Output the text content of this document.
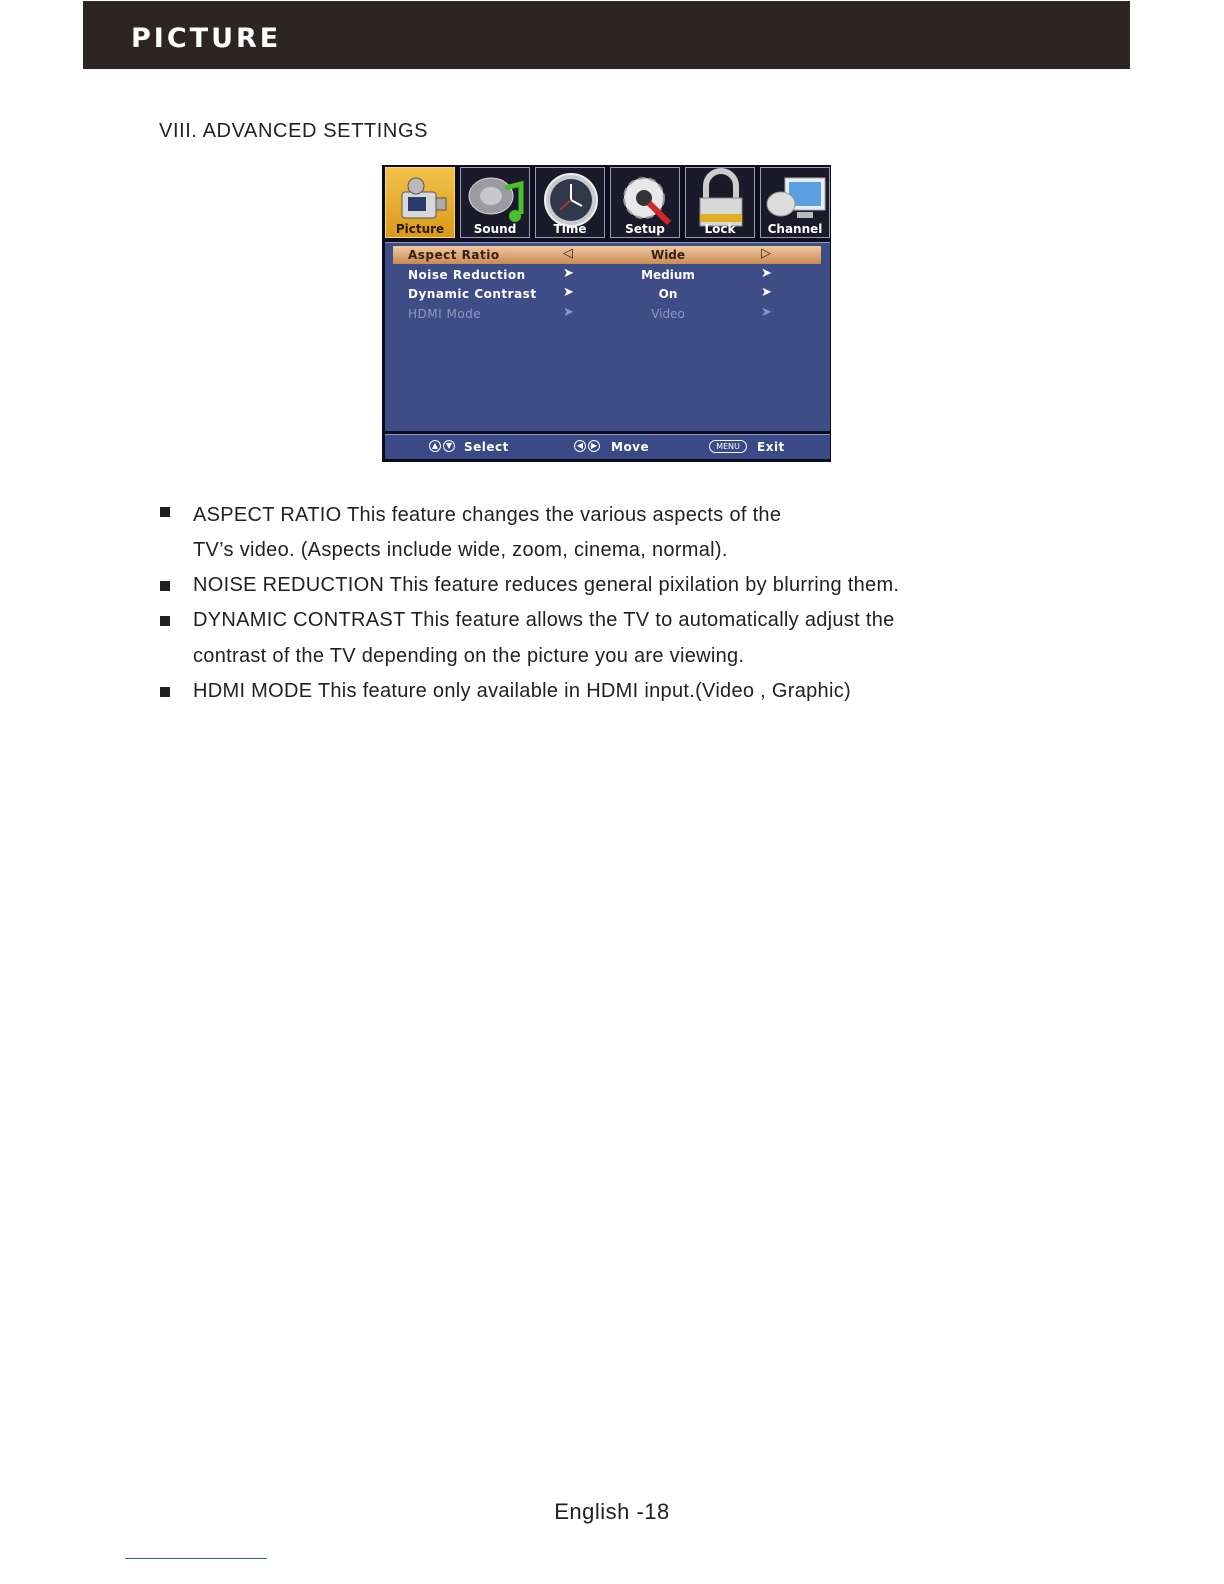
PICTURE
VIII. ADVANCED SETTINGS
Picture	Sound	Time	Setup	Lock	Channel
Aspect Ratio	◁	Wide	▷
Noise Reduction	➤	Medium	➤
Dynamic Contrast ➤	On	➤
HDMI Mode	➤	Video	➤
▲ ▼ Select	◀ ▶ Move	MENU	Exit
ASPECT RATIO This feature changes the various aspects of the
TV’s video. (Aspects include wide, zoom, cinema, normal).
NOISE REDUCTION This feature reduces general pixilation by blurring them.
DYNAMIC CONTRAST This feature allows the TV to automatically adjust the
contrast of the TV depending on the picture you are viewing.
HDMI MODE This feature only available in HDMI input.(Video , Graphic)
English -18
